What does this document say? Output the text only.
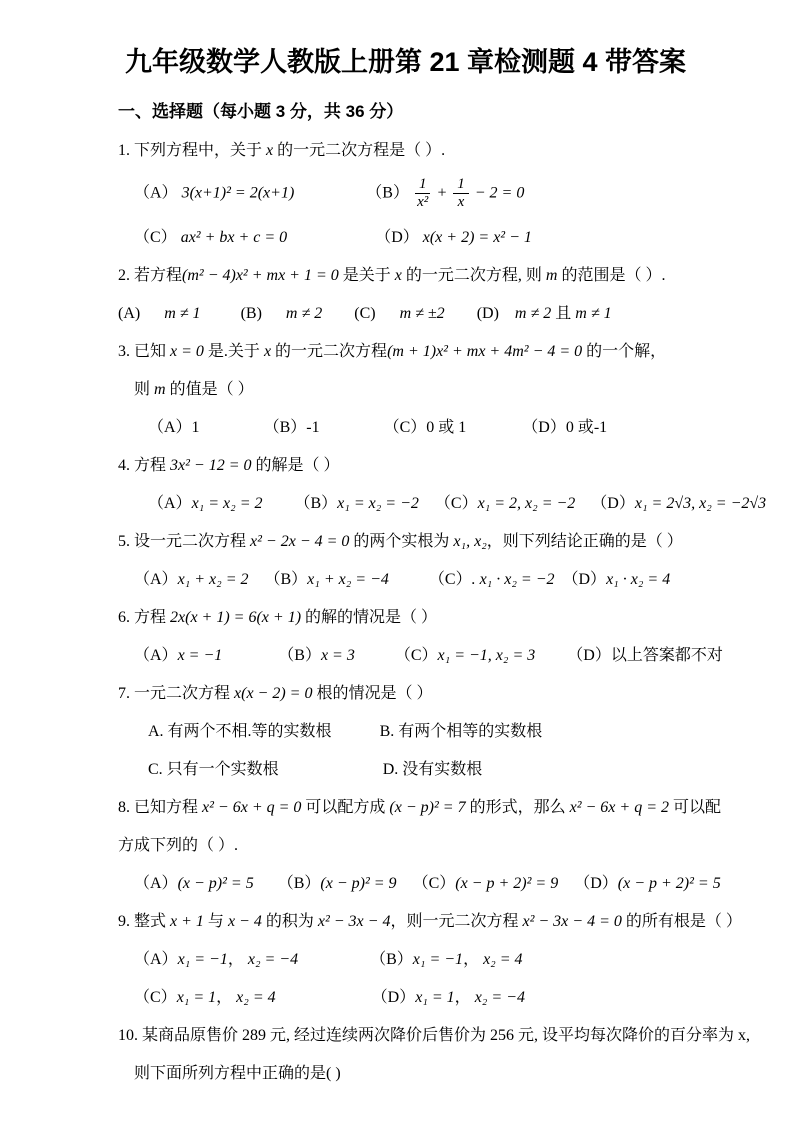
九年级数学人教版上册第 21 章检测题 4 带答案
一、选择题（每小题 3 分，共 36 分）
1. 下列方程中，关于 x 的一元二次方程是（ ）.
（A） 3(x+1)² = 2(x+1)	$(B) \frac{1}{\text{x²}} + \frac{1}{x} - 2 = 0$
（C） ax² + bx + c = 0	（D） x(x + 2) = x² − 1
2. 若方程(m² − 4)x² + mx + 1 = 0 是关于 x 的一元二次方程, 则 m 的范围是（ ）.
(A) m ≠ 1	(B) m ≠ 2 (C) m ≠ ±2 (D) m ≠ 2 且 m ≠ 1
3. 已知 x = 0 是.关于 x 的一元二次方程(m + 1)x² + mx + 4m² − 4 = 0 的一个解，
则 m 的值是（ ）
（A）1	（B）-1	（C）0 或 1	（D）0 或-1
4. 方程 3x² − 12 = 0 的解是（ ）
（A）x₁ = x₂ = 2 （B）x₁ = x₂ = −2 （C）x₁ = 2, x₂ = −2 （D）x₁ = 2√3, x₂ = −2√3
5. 设一元二次方程 x² − 2x − 4 = 0 的两个实根为 x₁, x₂，则下列结论正确的是（ ）
（A）x₁ + x₂ = 2 （B）x₁ + x₂ = −4	（C）. x₁ · x₂ = −2 （D）x₁ · x₂ = 4
6. 方程 2x(x + 1) = 6(x + 1) 的解的情况是（ ）
（A）x = −1	（B）x = 3	（C）x₁ = −1, x₂ = 3 （D）以上答案都不对
7. 一元二次方程 x(x − 2) = 0 根的情况是（ ）
A. 有两个不相.等的实数根	B. 有两个相等的实数根
C. 只有一个实数根	D. 没有实数根
8. 已知方程 x² − 6x + q = 0 可以配方成 (x − p)² = 7 的形式，那么 x² − 6x + q = 2 可以配
方成下列的（ ）.
（A）(x − p)² = 5 （B）(x − p)² = 9 （C）(x − p + 2)² = 9 （D）(x − p + 2)² = 5
9. 整式 x + 1 与 x − 4 的积为 x² − 3x − 4，则一元二次方程 x² − 3x − 4 = 0 的所有根是（ ）
（A）x₁ = −1， x₂ = −4	（B）x₁ = −1， x₂ = 4
（C）x₁ = 1， x₂ = 4	（D）x₁ = 1， x₂ = −4
10. 某商品原售价 289 元, 经过连续两次降价后售价为 256 元, 设平均每次降价的百分率为 x,
则下面所列方程中正确的是( )
